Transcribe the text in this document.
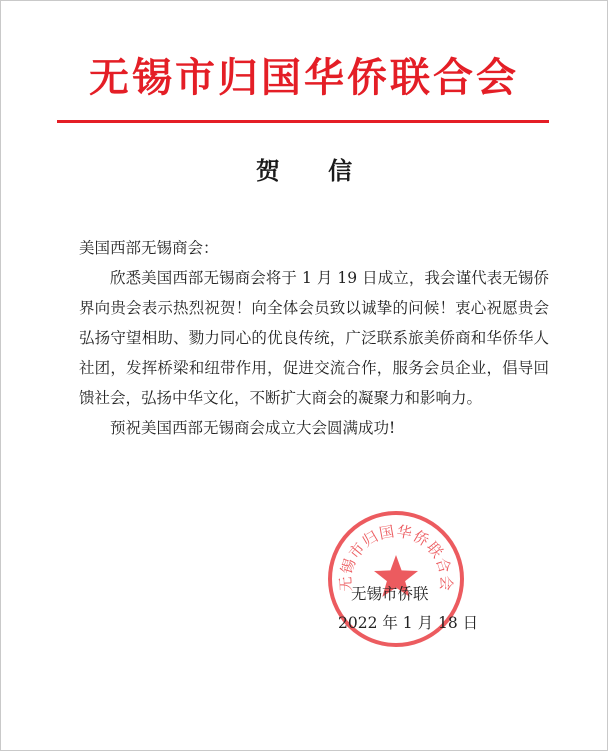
无锡市归国华侨联合会
贺 信

美国西部无锡商会：

欣悉美国西部无锡商会将于 1 月 19 日成立，我会谨代表无锡侨界向贵会表示热烈祝贺！向全体会员致以诚挚的问候！衷心祝愿贵会弘扬守望相助、勠力同心的优良传统，广泛联系旅美侨商和华侨华人社团，发挥桥梁和纽带作用，促进交流合作，服务会员企业，倡导回馈社会，弘扬中华文化，不断扩大商会的凝聚力和影响力。

预祝美国西部无锡商会成立大会圆满成功!

无锡市归国华侨联合会
无锡市侨联
2022 年 1 月 18 日
